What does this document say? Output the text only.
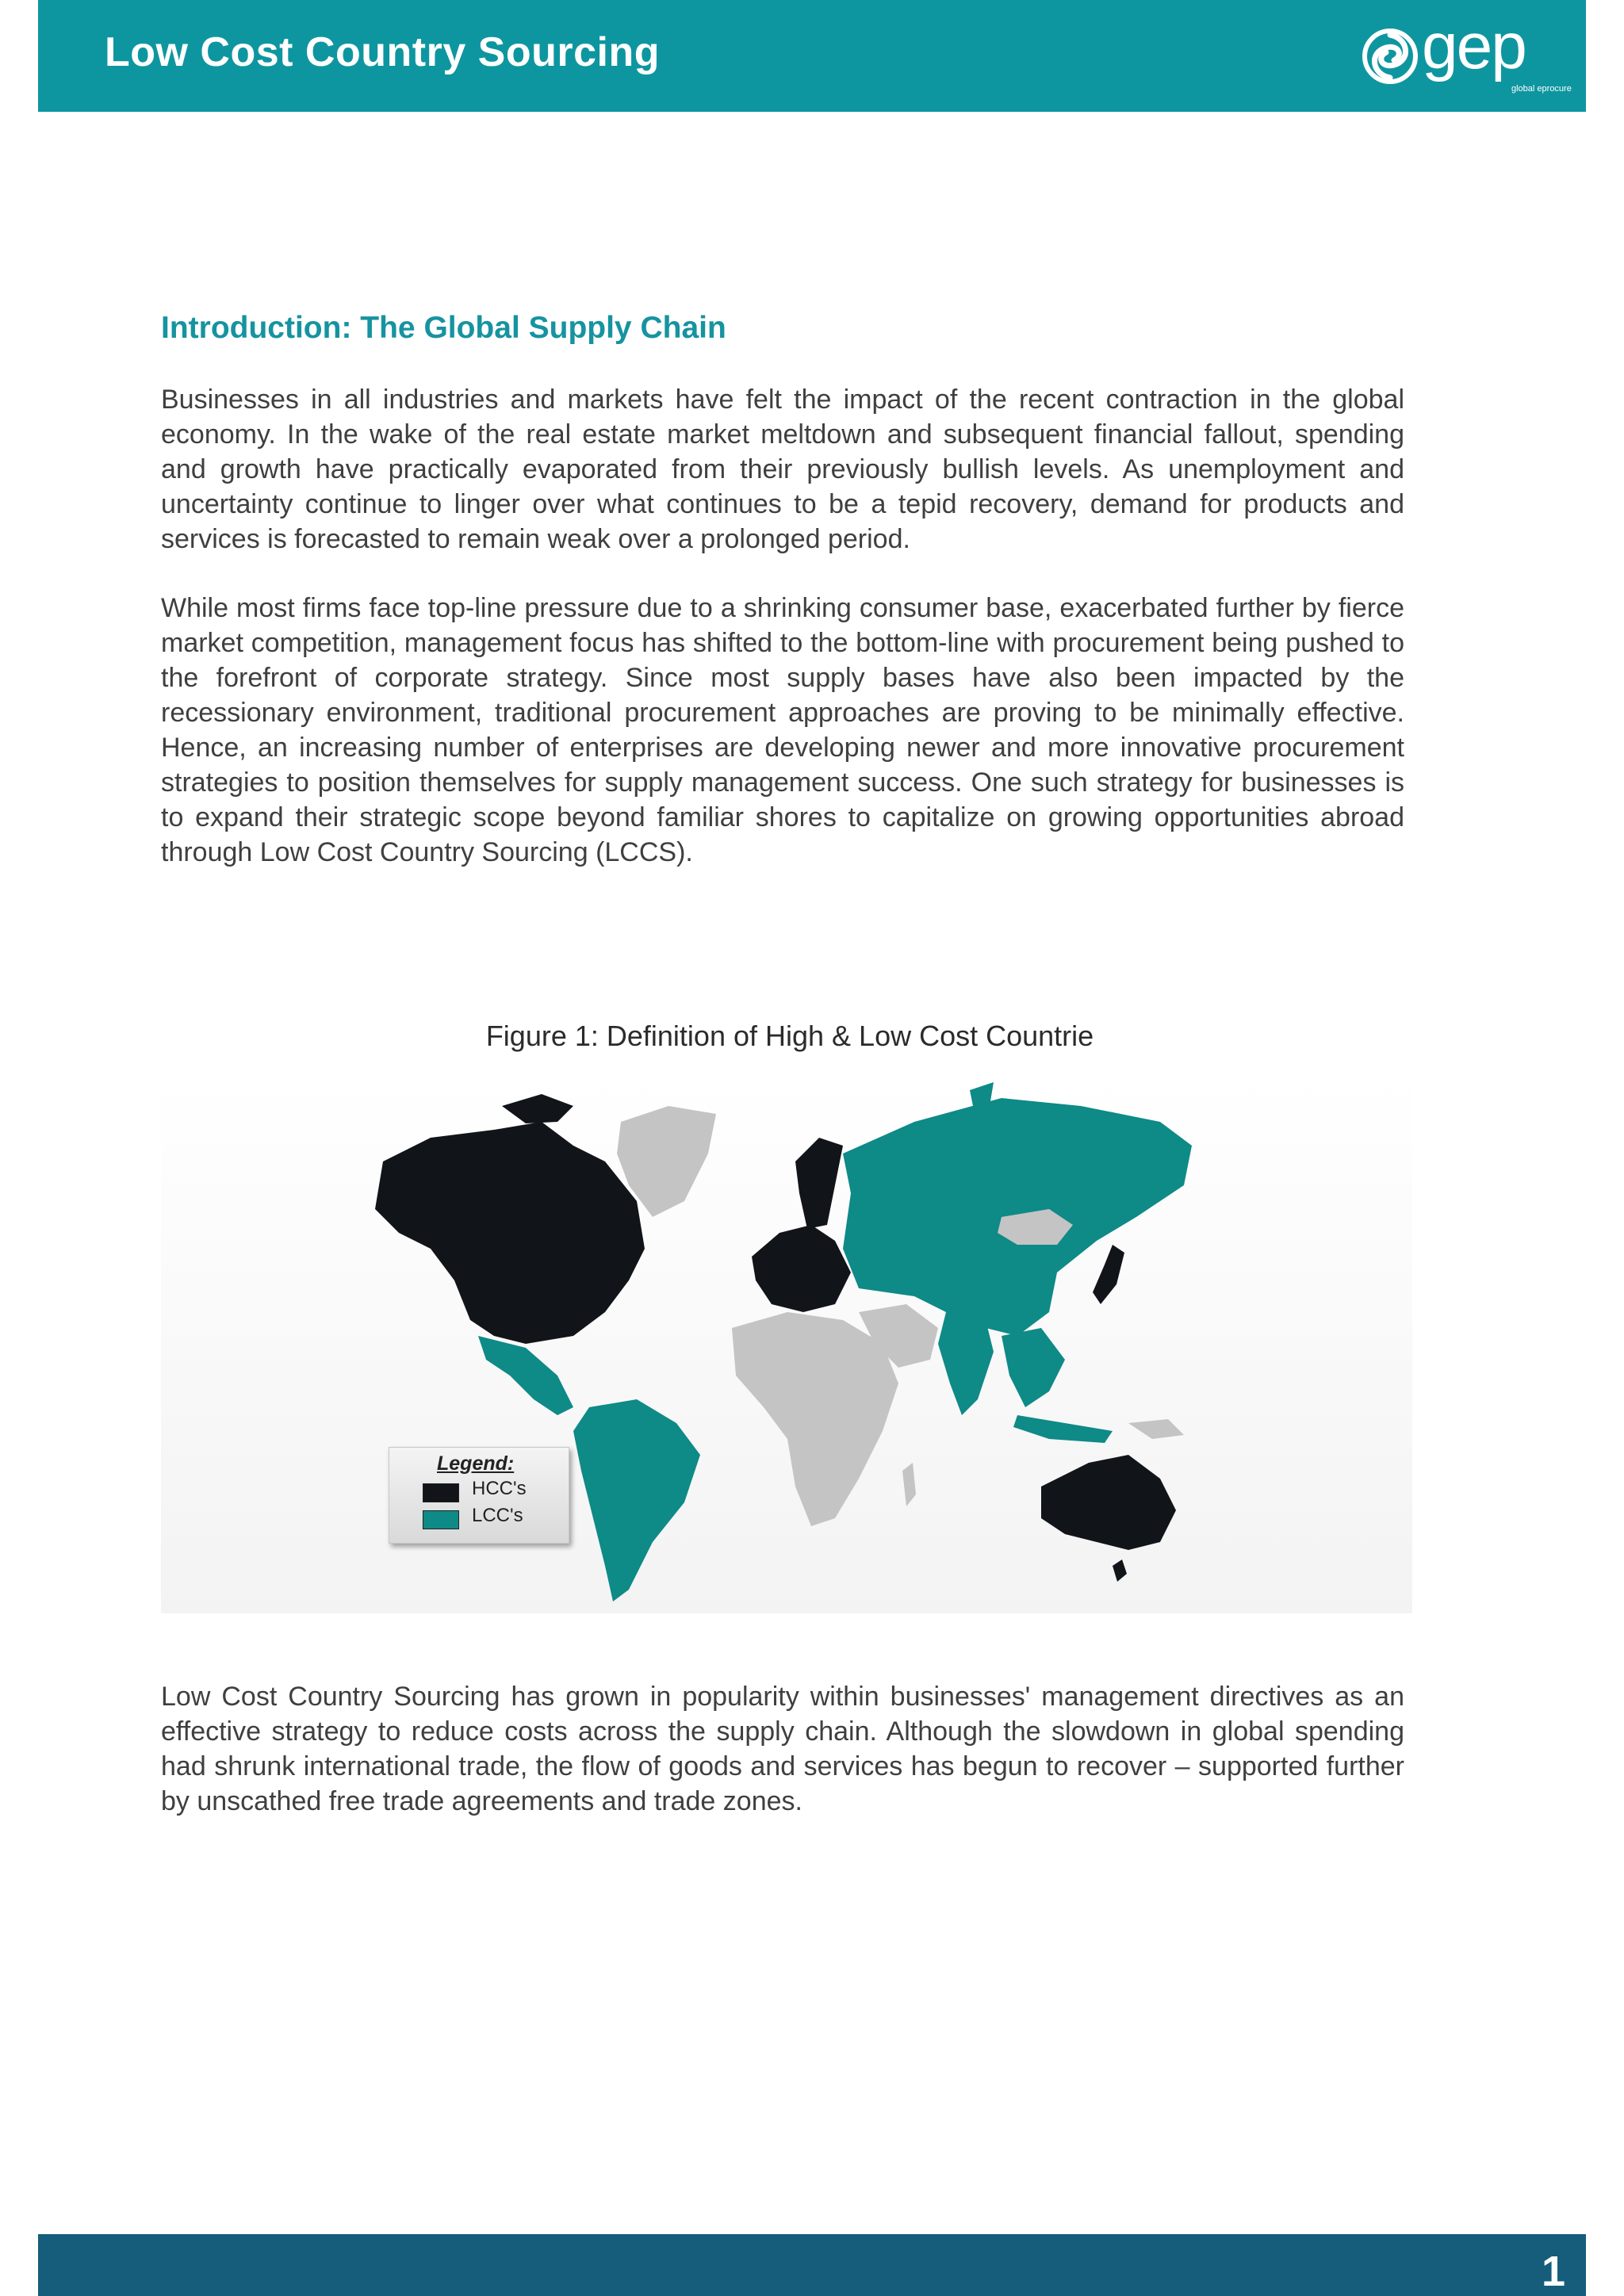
Low Cost Country Sourcing	gep
global eprocure
Introduction: The Global Supply Chain

Businesses in all industries and markets have felt the impact of the recent contraction in the global economy. In the wake of the real estate market meltdown and subsequent financial fallout, spending and growth have practically evaporated from their previously bullish levels. As unemployment and uncertainty continue to linger over what continues to be a tepid recovery, demand for products and services is forecasted to remain weak over a prolonged period.

While most firms face top-line pressure due to a shrinking consumer base, exacerbated further by fierce market competition, management focus has shifted to the bottom-line with procurement being pushed to the forefront of corporate strategy. Since most supply bases have also been impacted by the recessionary environment, traditional procurement approaches are proving to be minimally effective. Hence, an increasing number of enterprises are developing newer and more innovative procurement strategies to position themselves for supply management success. One such strategy for businesses is to expand their strategic scope beyond familiar shores to capitalize on growing opportunities abroad through Low Cost Country Sourcing (LCCS).

Figure 1: Definition of High & Low Cost Countrie

Legend:
HCC's
LCC's

Low Cost Country Sourcing has grown in popularity within businesses' management directives as an effective strategy to reduce costs across the supply chain. Although the slowdown in global spending had shrunk international trade, the flow of goods and services has begun to recover – supported further by unscathed free trade agreements and trade zones.

1
